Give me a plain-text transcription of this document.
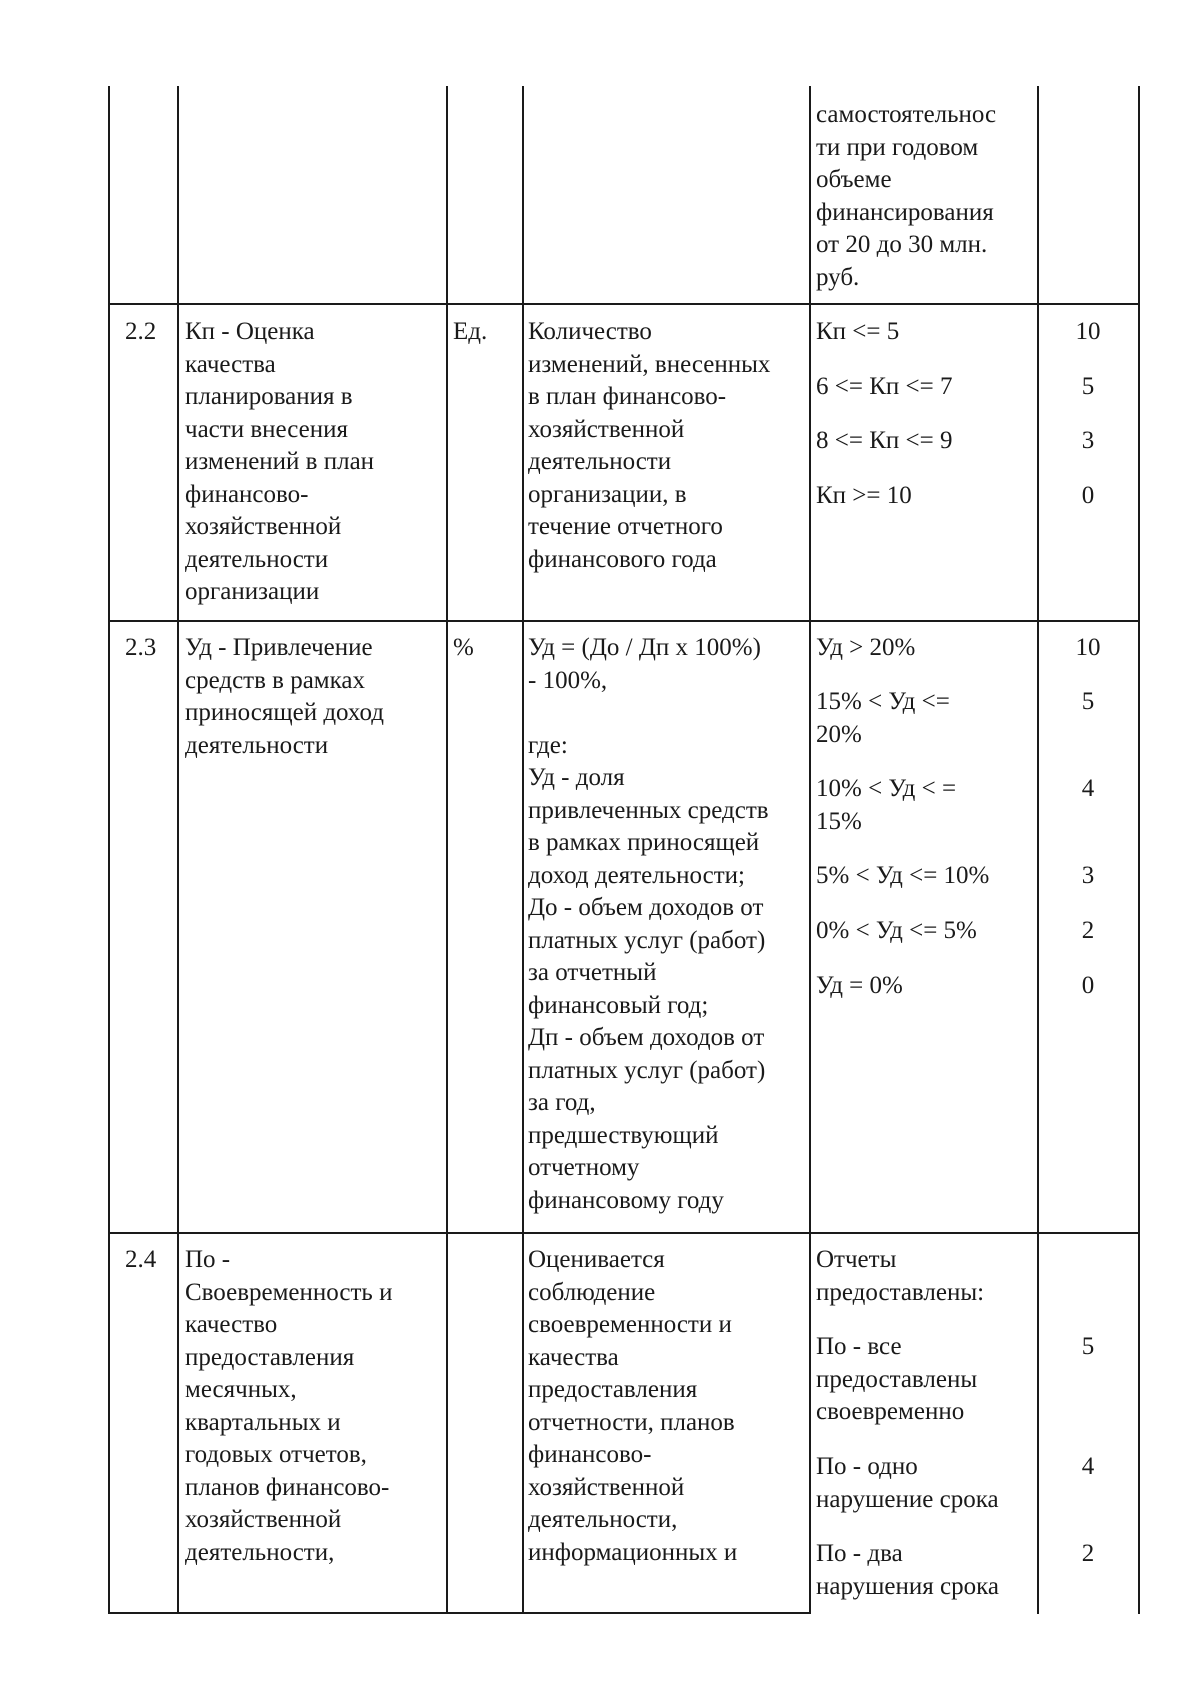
самостоятельнос
ти при годовом
объеме
финансирования
от 20 до 30 млн.
руб.
2.2 Кп - Оценка
качества
планирования в
части внесения
изменений в план
финансово-
хозяйственной
деятельности
организации
Ед. Количество
изменений, внесенных
в план финансово-
хозяйственной
деятельности
организации, в
течение отчетного
финансового года
Кп <= 5
6 <= Кп <= 7
8 <= Кп <= 9
Кп >= 10
10
5
3
0
2.3 Уд - Привлечение
средств в рамках
приносящей доход
деятельности
% Уд = (До / Дп x 100%)
- 100%,

где:
Уд - доля
привлеченных средств
в рамках приносящей
доход деятельности;
До - объем доходов от
платных услуг (работ)
за отчетный
финансовый год;
Дп - объем доходов от
платных услуг (работ)
за год,
предшествующий
отчетному
финансовому году
Уд > 20%
15% < Уд <=
20%
10% < Уд < =
15%
5% < Уд <= 10%
0% < Уд <= 5%
Уд = 0%
10
5
4
3
2
0
2.4 По -
Своевременность и
качество
предоставления
месячных,
квартальных и
годовых отчетов,
планов финансово-
хозяйственной
деятельности,
Оценивается
соблюдение
своевременности и
качества
предоставления
отчетности, планов
финансово-
хозяйственной
деятельности,
информационных и
Отчеты
предоставлены:
По - все
предоставлены
своевременно
По - одно
нарушение срока
По - два
нарушения срока
5
4
2
